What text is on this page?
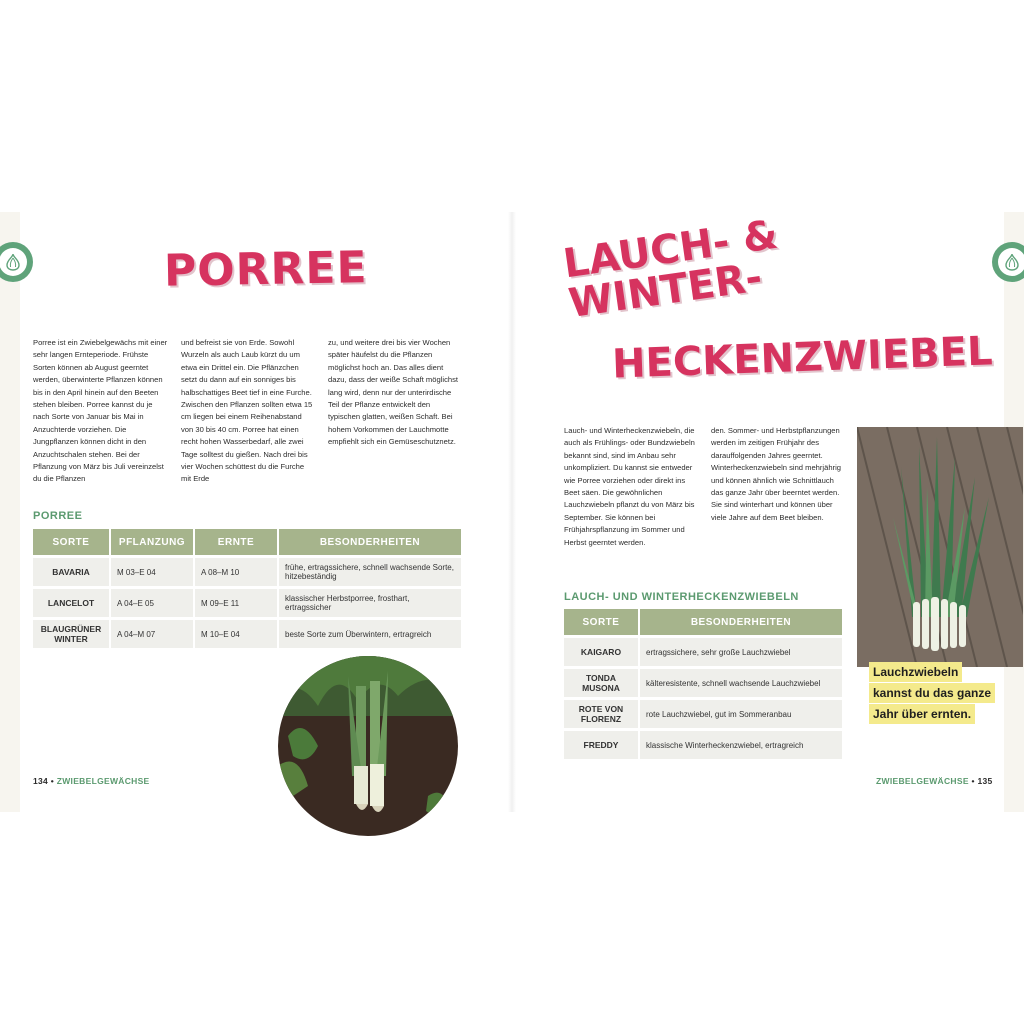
PORREE

Porree ist ein Zwiebelgewächs mit einer sehr langen Ernteperiode. Frühste Sorten können ab August geerntet werden, überwinterte Pflanzen können bis in den April hinein auf den Beeten stehen bleiben. Porree kannst du je nach Sorte von Januar bis Mai in Anzuchterde vorziehen. Die Jungpflanzen können dicht in den Anzuchtschalen stehen. Bei der Pflanzung von März bis Juli vereinzelst du die Pflanzen

und befreist sie von Erde. Sowohl Wurzeln als auch Laub kürzt du um etwa ein Drittel ein. Die Pflänzchen setzt du dann auf ein sonniges bis halbschattiges Beet tief in eine Furche. Zwischen den Pflanzen sollten etwa 15 cm liegen bei einem Reihenabstand von 30 bis 40 cm. Porree hat einen recht hohen Wasserbedarf, alle zwei Tage solltest du gießen. Nach drei bis vier Wochen schüttest du die Furche mit Erde

zu, und weitere drei bis vier Wochen später häufelst du die Pflanzen möglichst hoch an. Das alles dient dazu, dass der weiße Schaft möglichst lang wird, denn nur der unterirdische Teil der Pflanze entwickelt den typischen glatten, weißen Schaft. Bei hohem Vorkommen der Lauchmotte empfiehlt sich ein Gemüseschutznetz.

PORREE
SORTE	PFLANZUNG	ERNTE	BESONDERHEITEN
BAVARIA	M 03–E 04	A 08–M 10	frühe, ertragssichere, schnell wachsende Sorte, hitzebeständig
LANCELOT	A 04–E 05	M 09–E 11	klassischer Herbstporree, frosthart, ertragssicher
BLAUGRÜNER WINTER	A 04–M 07	M 10–E 04	beste Sorte zum Überwintern, ertragreich
134 • ZWIEBELGEWÄCHSE
LAUCH- & WINTER-
HECKENZWIEBEL

Lauch- und Winterheckenzwiebeln, die auch als Frühlings- oder Bundzwiebeln bekannt sind, sind im Anbau sehr unkompliziert. Du kannst sie entweder wie Porree vorziehen oder direkt ins Beet säen. Die gewöhnlichen Lauchzwiebeln pflanzt du von März bis September. Sie können bei Frühjahrspflanzung im Sommer und Herbst geerntet werden.

den. Sommer- und Herbstpflanzungen werden im zeitigen Frühjahr des darauffolgenden Jahres geerntet. Winterheckenzwiebeln sind mehrjährig und können ähnlich wie Schnittlauch das ganze Jahr über beerntet werden. Sie sind winterhart und können über viele Jahre auf dem Beet bleiben.

LAUCH- UND WINTERHECKENZWIEBELN
SORTE	BESONDERHEITEN
KAIGARO	ertragssichere, sehr große Lauchzwiebel
TONDA MUSONA	kälteresistente, schnell wachsende Lauchzwiebel
ROTE VON FLORENZ	rote Lauchzwiebel, gut im Sommeranbau
FREDDY	klassische Winterheckenzwiebel, ertragreich
Lauchzwiebeln
kannst du das ganze
Jahr über ernten.
ZWIEBELGEWÄCHSE • 135
